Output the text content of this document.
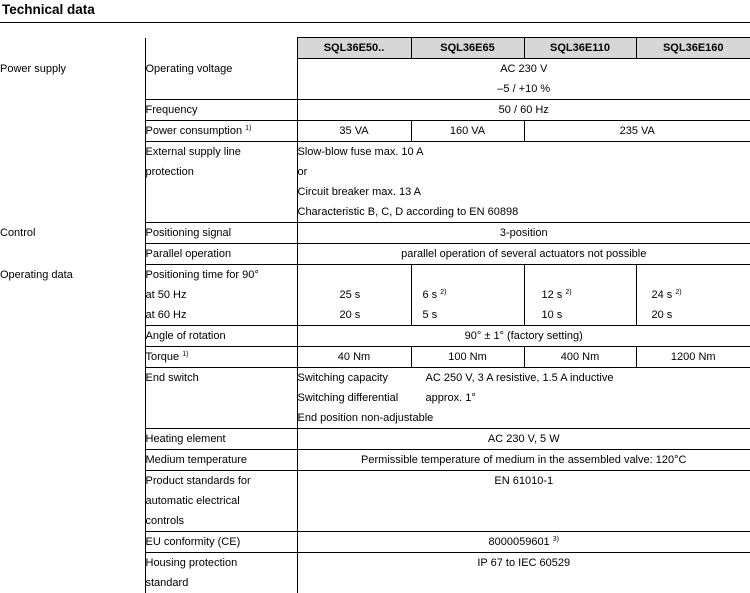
Technical data
		SQL36E50..	SQL36E65	SQL36E110	SQL36E160
Power supply	Operating voltage	AC 230 V			
		–5 / +10 %			
	Frequency	50 / 60 Hz			
	Power consumption $^{1)}$	35 VA	160 VA	235 VA	
	External supply line	Slow-blow fuse max. 10 A			
	protection	or			
		Circuit breaker max. 13 A			
		Characteristic B, C, D according to EN 60898			
Control	Positioning signal	3-position			
	Parallel operation	parallel operation of several actuators not possible			
Operating data	Positioning time for 90°				
	at 50 Hz	25 s	6 s $^{2)}$	12 s $^{2)}$	24 s $^{2)}$
	at 60 Hz	20 s	5 s	10 s	20 s
	Angle of rotation	90° ± 1° (factory setting)			
	Torque $^{1)}$	40 Nm	100 Nm	400 Nm	1200 Nm
	End switch	Switching capacity AC 250 V, 3 A resistive, 1.5 A inductive			
		Switching differential approx. 1°			
		End position non-adjustable			
	Heating element	AC 230 V, 5 W			
	Medium temperature	Permissible temperature of medium in the assembled valve: 120°C			
	Product standards for	EN 61010-1			
	automatic electrical				
	controls				
	EU conformity (CE)	8000059601 $^{3)}$
	Housing protection	IP 67 to IEC 60529			
	standard				
